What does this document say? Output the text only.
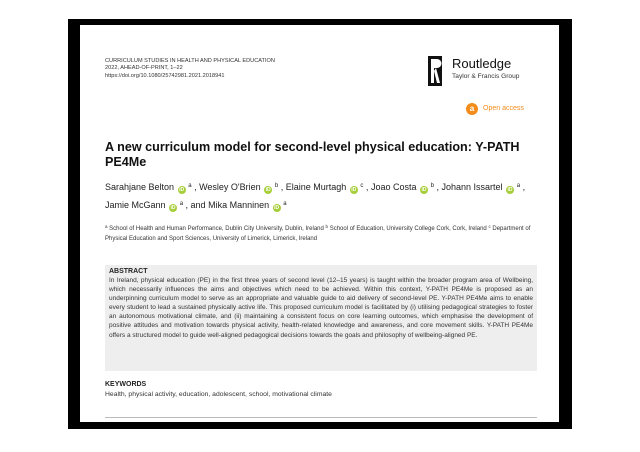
CURRICULUM STUDIES IN HEALTH AND PHYSICAL EDUCATION
2022, AHEAD-OF-PRINT, 1–22
https://doi.org/10.1080/25742981.2021.2018941
Routledge
Taylor & Francis Group
a	Open access
A new curriculum model for second-level physical education: Y-PATH PE4Me
Sarahjane Belton iD $^a$ , Wesley O'Brien iD $^b$ , Elaine Murtagh iD $^c$ , Joao Costa iD $^b$ , Johann Issartel iD $^a$ , Jamie McGann iD $^a$ , and Mika Manninen iD $^a$
$^a$ School of Health and Human Performance, Dublin City University, Dublin, Ireland $^b$ School of Education, University College Cork, Cork, Ireland $^c$ Department of Physical Education and Sport Sciences, University of Limerick, Limerick, Ireland
ABSTRACT

In Ireland, physical education (PE) in the first three years of second level (12–15 years) is taught within the broader program area of Wellbeing, which necessarily influences the aims and objectives which need to be achieved. Within this context, Y-PATH PE4Me is proposed as an underpinning curriculum model to serve as an appropriate and valuable guide to aid delivery of second-level PE. Y-PATH PE4Me aims to enable every student to lead a sustained physically active life. This proposed curriculum model is facilitated by (i) utilising pedagogical strategies to foster an autonomous motivational climate, and (ii) maintaining a consistent focus on core learning outcomes, which emphasise the development of positive attitudes and motivation towards physical activity, health-related knowledge and awareness, and core movement skills. Y-PATH PE4Me offers a structured model to guide well-aligned pedagogical decisions towards the goals and philosophy of wellbeing-aligned PE.

KEYWORDS
Health, physical activity, education, adolescent, school, motivational climate
